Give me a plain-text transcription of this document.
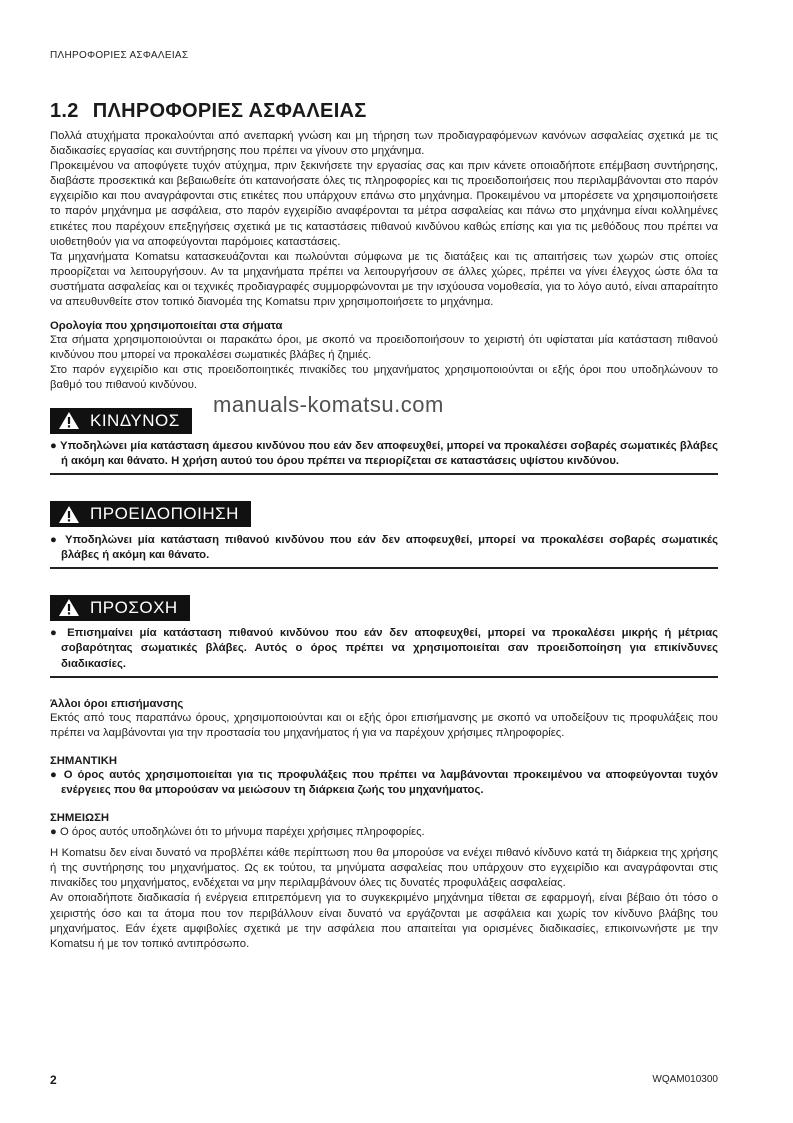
ΠΛΗΡΟΦΟΡΙΕΣ ΑΣΦΑΛΕΙΑΣ
1.2 ΠΛΗΡΟΦΟΡΙΕΣ ΑΣΦΑΛΕΙΑΣ

Πολλά ατυχήματα προκαλούνται από ανεπαρκή γνώση και μη τήρηση των προδιαγραφόμενων κανόνων ασφαλείας σχετικά με τις διαδικασίες εργασίας και συντήρησης που πρέπει να γίνουν στο μηχάνημα.

Προκειμένου να αποφύγετε τυχόν ατύχημα, πριν ξεκινήσετε την εργασίας σας και πριν κάνετε οποιαδήποτε επέμβαση συντήρησης, διαβάστε προσεκτικά και βεβαιωθείτε ότι κατανοήσατε όλες τις πληροφορίες και τις προειδοποιήσεις που περιλαμβάνονται στο παρόν εγχειρίδιο και που αναγράφονται στις ετικέτες που υπάρχουν επάνω στο μηχάνημα. Προκειμένου να μπορέσετε να χρησιμοποιήσετε το παρόν μηχάνημα με ασφάλεια, στο παρόν εγχειρίδιο αναφέρονται τα μέτρα ασφαλείας και πάνω στο μηχάνημα είναι κολλημένες ετικέτες που παρέχουν επεξηγήσεις σχετικά με τις καταστάσεις πιθανού κινδύνου καθώς επίσης και για τις μεθόδους που πρέπει να υιοθετηθούν για να αποφεύγονται παρόμοιες καταστάσεις.

Τα μηχανήματα Komatsu κατασκευάζονται και πωλούνται σύμφωνα με τις διατάξεις και τις απαιτήσεις των χωρών στις οποίες προορίζεται να λειτουργήσουν. Αν τα μηχανήματα πρέπει να λειτουργήσουν σε άλλες χώρες, πρέπει να γίνει έλεγχος ώστε όλα τα συστήματα ασφαλείας και οι τεχνικές προδιαγραφές συμμορφώνονται με την ισχύουσα νομοθεσία, για το λόγο αυτό, είναι απαραίτητο να απευθυνθείτε στον τοπικό διανομέα της Komatsu πριν χρησιμοποιήσετε το μηχάνημα.

Ορολογία που χρησιμοποιείται στα σήματα

Στα σήματα χρησιμοποιούνται οι παρακάτω όροι, με σκοπό να προειδοποιήσουν το χειριστή ότι υφίσταται μία κατάσταση πιθανού κινδύνου που μπορεί να προκαλέσει σωματικές βλάβες ή ζημιές.

Στο παρόν εγχειρίδιο και στις προειδοποιητικές πινακίδες του μηχανήματος χρησιμοποιούνται οι εξής όροι που υποδηλώνουν το βαθμό του πιθανού κινδύνου.

ΚΙΝΔΥΝΟΣ
● Υποδηλώνει μία κατάσταση άμεσου κινδύνου που εάν δεν αποφευχθεί, μπορεί να προκαλέσει σοβαρές σωματικές βλάβες ή ακόμη και θάνατο. Η χρήση αυτού του όρου πρέπει να περιορίζεται σε καταστάσεις υψίστου κινδύνου.
ΠΡΟΕΙΔΟΠΟΙΗΣΗ
● Υποδηλώνει μία κατάσταση πιθανού κινδύνου που εάν δεν αποφευχθεί, μπορεί να προκαλέσει σοβαρές σωματικές βλάβες ή ακόμη και θάνατο.
ΠΡΟΣΟΧΗ
● Επισημαίνει μία κατάσταση πιθανού κινδύνου που εάν δεν αποφευχθεί, μπορεί να προκαλέσει μικρής ή μέτριας σοβαρότητας σωματικές βλάβες. Αυτός ο όρος πρέπει να χρησιμοποιείται σαν προειδοποίηση για επικίνδυνες διαδικασίες.
Άλλοι όροι επισήμανσης

Εκτός από τους παραπάνω όρους, χρησιμοποιούνται και οι εξής όροι επισήμανσης με σκοπό να υποδείξουν τις προφυλάξεις που πρέπει να λαμβάνονται για την προστασία του μηχανήματος ή για να παρέχουν χρήσιμες πληροφορίες.

ΣΗΜΑΝΤΙΚΗ
● Ο όρος αυτός χρησιμοποιείται για τις προφυλάξεις που πρέπει να λαμβάνονται προκειμένου να αποφεύγονται τυχόν ενέργειες που θα μπορούσαν να μειώσουν τη διάρκεια ζωής του μηχανήματος.
ΣΗΜΕΙΩΣΗ
● Ο όρος αυτός υποδηλώνει ότι το μήνυμα παρέχει χρήσιμες πληροφορίες.

Η Komatsu δεν είναι δυνατό να προβλέπει κάθε περίπτωση που θα μπορούσε να ενέχει πιθανό κίνδυνο κατά τη διάρκεια της χρήσης ή της συντήρησης του μηχανήματος. Ως εκ τούτου, τα μηνύματα ασφαλείας που υπάρχουν στο εγχειρίδιο και αναγράφονται στις πινακίδες του μηχανήματος, ενδέχεται να μην περιλαμβάνουν όλες τις δυνατές προφυλάξεις ασφαλείας.

Αν οποιαδήποτε διαδικασία ή ενέργεια επιτρεπόμενη για το συγκεκριμένο μηχάνημα τίθεται σε εφαρμογή, είναι βέβαιο ότι τόσο ο χειριστής όσο και τα άτομα που τον περιβάλλουν είναι δυνατό να εργάζονται με ασφάλεια και χωρίς τον κίνδυνο βλάβης του μηχανήματος. Εάν έχετε αμφιβολίες σχετικά με την ασφάλεια που απαιτείται για ορισμένες διαδικασίες, επικοινωνήστε με την Komatsu ή με τον τοπικό αντιπρόσωπο.

manuals-komatsu.com
2	WQAM010300
